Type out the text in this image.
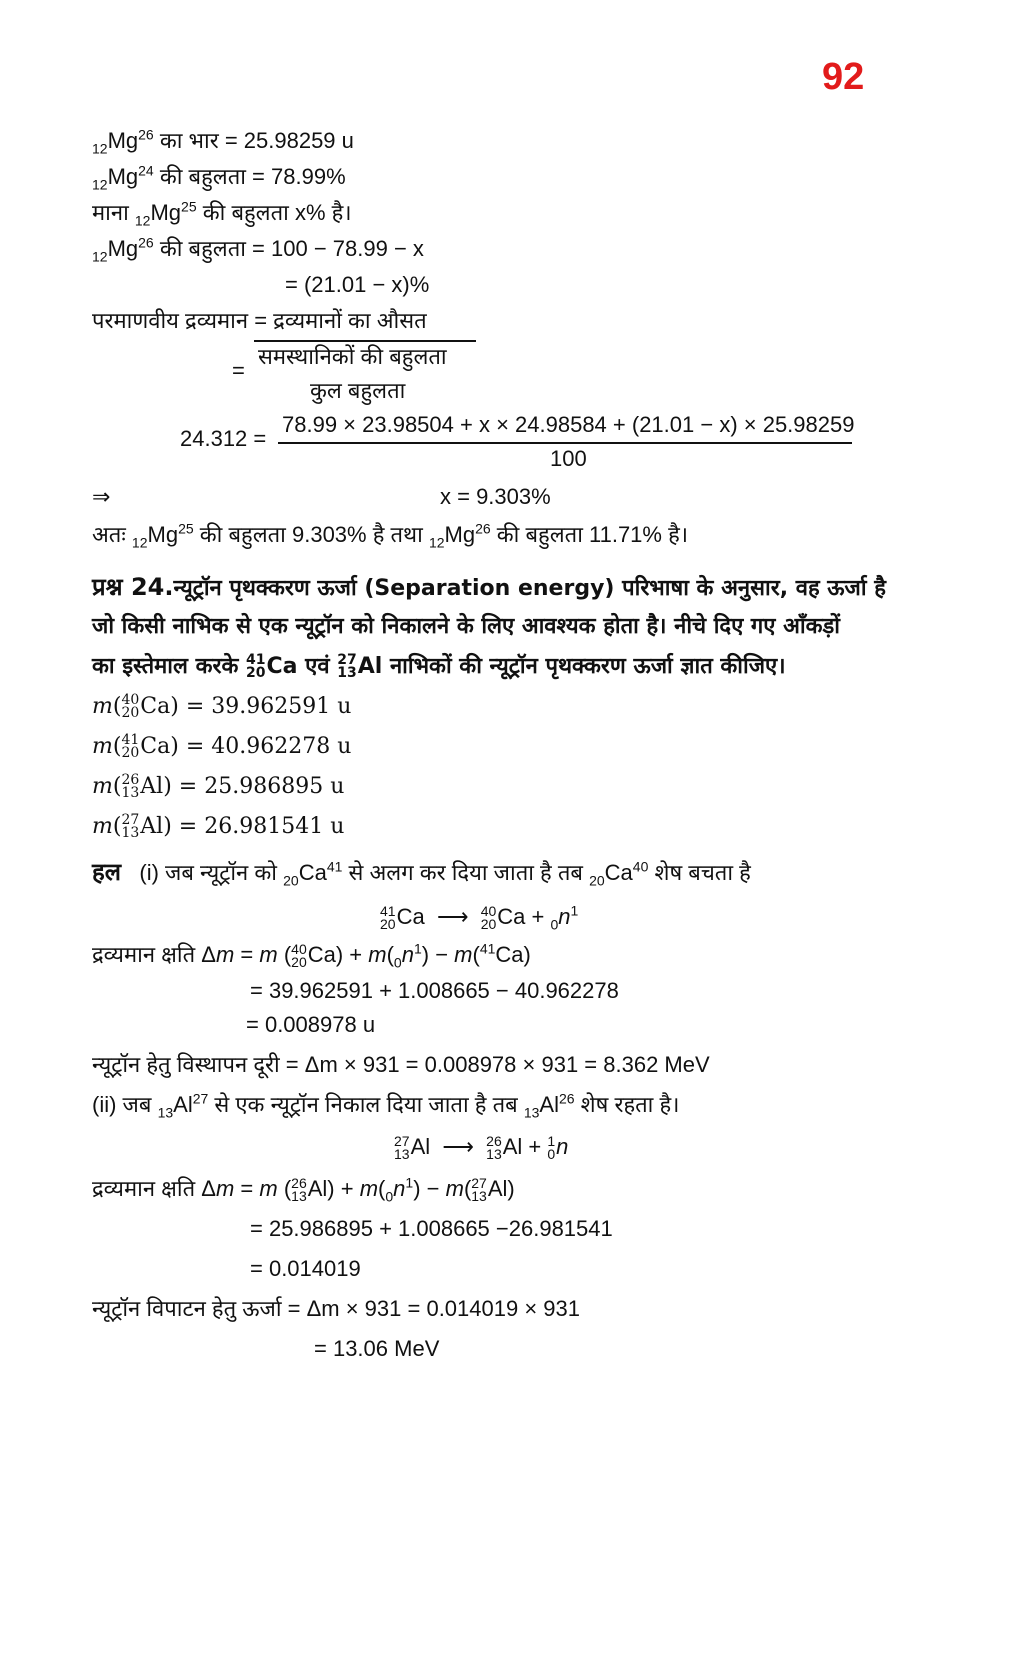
92
$_{12}Mg^{26}$ का भार = 25.98259 u
$_{12}Mg^{24}$ की बहुलता = 78.99%
माना $_{12}Mg^{25}$ की बहुलता x% है।
$_{12}Mg^{26}$ की बहुलता = 100 − 78.99 − x
= (21.01 − x)%
परमाणवीय द्रव्यमान = द्रव्यमानों का औसत
=
समस्थानिकों की बहुलता
कुल बहुलता
24.312 =
78.99 × 23.98504 + x × 24.98584 + (21.01 − x) × 25.98259
100
⇒	x = 9.303%
अतः $_{12}Mg^{25}$ की बहुलता 9.303% है तथा $_{12}Mg^{26}$ की बहुलता 11.71% है।
प्रश्न 24.न्यूट्रॉन पृथक्करण ऊर्जा (Separation energy) परिभाषा के अनुसार, वह ऊर्जा है
जो किसी नाभिक से एक न्यूट्रॉन को निकालने के लिए आवश्यक होता है। नीचे दिए गए आँकड़ों
का इस्तेमाल करके 41
20 Ca एवं 27
13 Al नाभिकों की न्यूट्रॉन पृथक्करण ऊर्जा ज्ञात कीजिए।
m( 40
20 Ca) = 39.962591 u
m( 41
20 Ca) = 40.962278 u
m( 26
13 Al) = 25.986895 u
m( 27
13 Al) = 26.981541 u
हल (i) जब न्यूट्रॉन को $_{20}Ca^{41}$ से अलग कर दिया जाता है तब $_{20}Ca^{40}$ शेष बचता है
41
20 Ca ⟶ 40
20 $Ca + _0n^1$
द्रव्यमान क्षति Δm = m ( 40
20 $Ca) + m(_0n^1) - m(^{41}Ca)$
= 39.962591 + 1.008665 − 40.962278
= 0.008978 u
न्यूट्रॉन हेतु विस्थापन दूरी = Δm × 931 = 0.008978 × 931 = 8.362 MeV
(ii) जब $_{13}Al^{27}$ से एक न्यूट्रॉन निकाल दिया जाता है तब $_{13}Al^{26}$ शेष रहता है।
27
13 Al ⟶ 26
13 Al + 1
0 n
द्रव्यमान क्षति Δm = m ( 26
13 $Al) + m(_0n^1) - m$( 27
13 Al)
= 25.986895 + 1.008665 −26.981541
= 0.014019
न्यूट्रॉन विपाटन हेतु ऊर्जा = Δm × 931 = 0.014019 × 931
= 13.06 MeV
